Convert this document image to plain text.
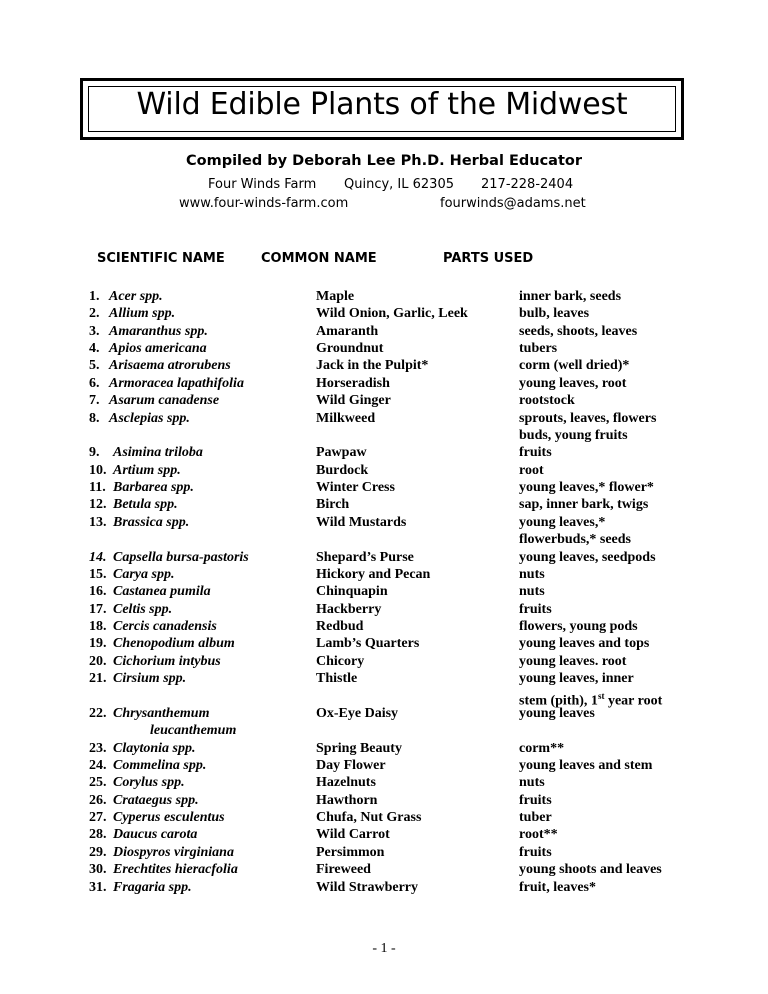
Wild Edible Plants of the Midwest
Compiled by Deborah Lee Ph.D. Herbal Educator
Four Winds Farm Quincy, IL 62305 217-228-2404
www.four-winds-farm.com	fourwinds@adams.net
SCIENTIFIC NAME	COMMON NAME	PARTS USED
1. Acer spp.	Maple	inner bark, seeds
2. Allium spp.	Wild Onion, Garlic, Leek	bulb, leaves
3. Amaranthus spp.	Amaranth	seeds, shoots, leaves
4. Apios americana	Groundnut	tubers
5. Arisaema atrorubens	Jack in the Pulpit*	corm (well dried)*
6. Armoracea lapathifolia	Horseradish	young leaves, root
7. Asarum canadense	Wild Ginger	rootstock
8. Asclepias spp.	Milkweed	sprouts, leaves, flowers
buds, young fruits
9. Asimina triloba	Pawpaw	fruits
10. Artium spp.	Burdock	root
11. Barbarea spp.	Winter Cress	young leaves,* flower*
12. Betula spp.	Birch	sap, inner bark, twigs
13. Brassica spp.	Wild Mustards	young leaves,*
flowerbuds,* seeds
14. Capsella bursa-pastoris	Shepard’s Purse	young leaves, seedpods
15. Carya spp.	Hickory and Pecan	nuts
16. Castanea pumila	Chinquapin	nuts
17. Celtis spp.	Hackberry	fruits
18. Cercis canadensis	Redbud	flowers, young pods
19. Chenopodium album	Lamb’s Quarters	young leaves and tops
20. Cichorium intybus	Chicory	young leaves. root
21. Cirsium spp.	Thistle	young leaves, inner
stem (pith), 1st year root
22. Chrysanthemum	Ox-Eye Daisy	young leaves
leucanthemum
23. Claytonia spp.	Spring Beauty	corm**
24. Commelina spp.	Day Flower	young leaves and stem
25. Corylus spp.	Hazelnuts	nuts
26. Crataegus spp.	Hawthorn	fruits
27. Cyperus esculentus	Chufa, Nut Grass	tuber
28. Daucus carota	Wild Carrot	root**
29. Diospyros virginiana	Persimmon	fruits
30. Erechtites hieracfolia	Fireweed	young shoots and leaves
31. Fragaria spp.	Wild Strawberry	fruit, leaves*
- 1 -
